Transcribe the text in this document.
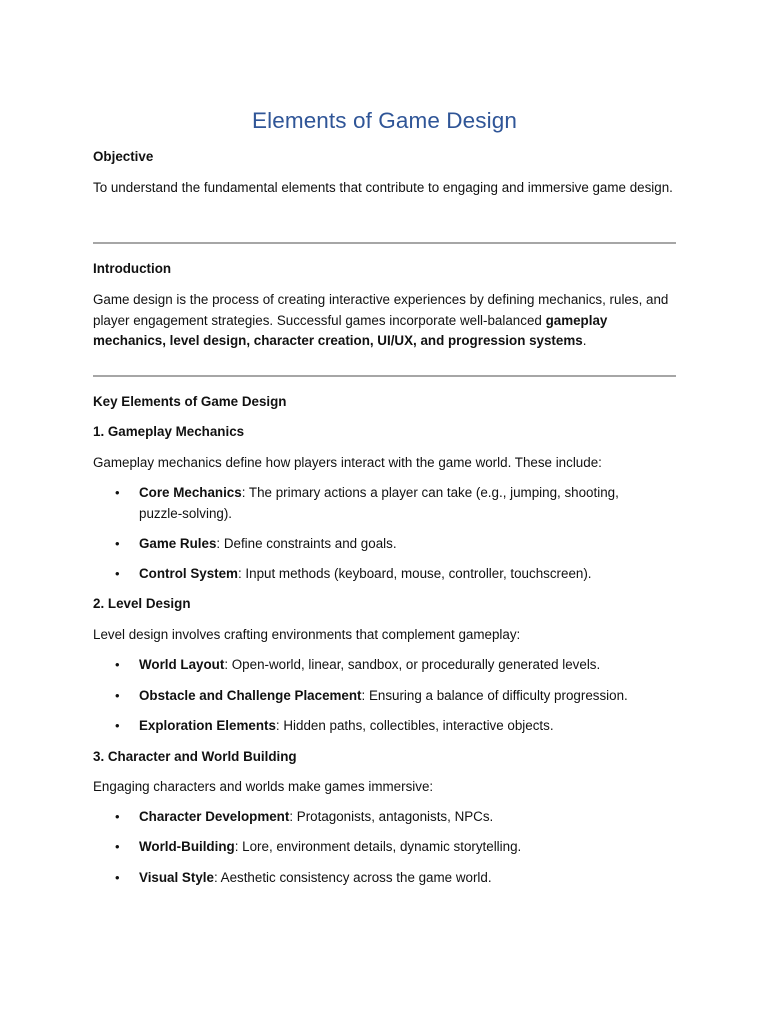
Elements of Game Design

Objective

To understand the fundamental elements that contribute to engaging and immersive game design.

Introduction

Game design is the process of creating interactive experiences by defining mechanics, rules, and player engagement strategies. Successful games incorporate well-balanced gameplay mechanics, level design, character creation, UI/UX, and progression systems.

Key Elements of Game Design

1. Gameplay Mechanics

Gameplay mechanics define how players interact with the game world. These include:

• Core Mechanics: The primary actions a player can take (e.g., jumping, shooting, puzzle-solving).
• Game Rules: Define constraints and goals.
• Control System: Input methods (keyboard, mouse, controller, touchscreen).

2. Level Design

Level design involves crafting environments that complement gameplay:

• World Layout: Open-world, linear, sandbox, or procedurally generated levels.
• Obstacle and Challenge Placement: Ensuring a balance of difficulty progression.
• Exploration Elements: Hidden paths, collectibles, interactive objects.

3. Character and World Building

Engaging characters and worlds make games immersive:

• Character Development: Protagonists, antagonists, NPCs.
• World-Building: Lore, environment details, dynamic storytelling.
• Visual Style: Aesthetic consistency across the game world.
